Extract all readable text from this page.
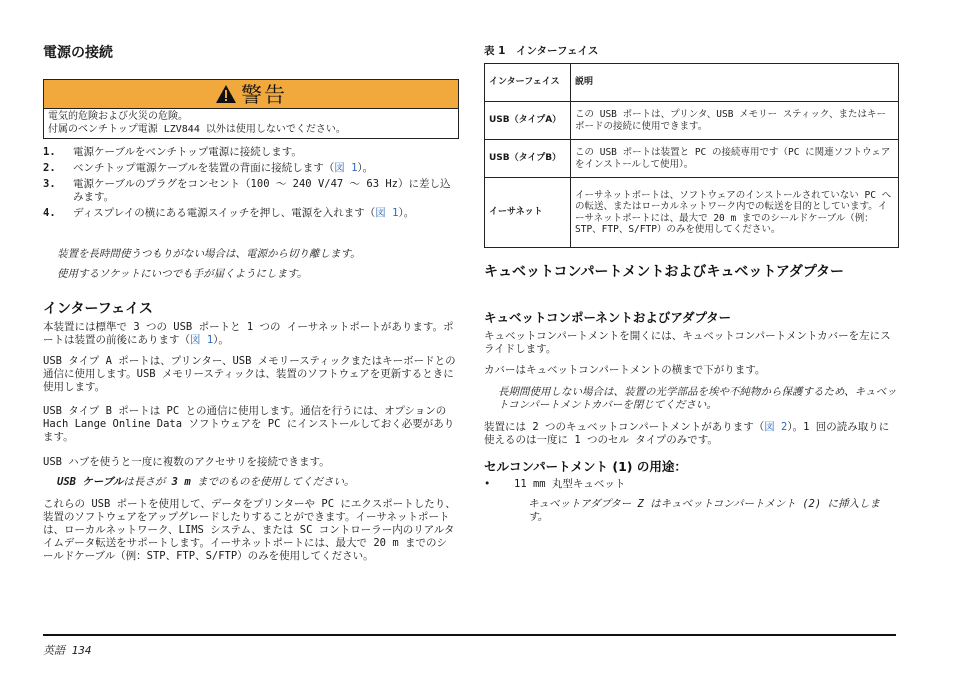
電源の接続
警告
電気的危険および火災の危険。
付属のベンチトップ電源 LZV844 以外は使用しないでください。
1.	電源ケーブルをベンチトップ電源に接続します。
2.	ベンチトップ電源ケーブルを装置の背面に接続します（図 1）。
3.	電源ケーブルのプラグをコンセント（100 ～ 240 V/47 ～ 63 Hz）に差し込みます。
4.	ディスプレイの横にある電源スイッチを押し、電源を入れます（図 1）。

装置を長時間使うつもりがない場合は、電源から切り離します。

使用するソケットにいつでも手が届くようにします。

インターフェイス

本装置には標準で 3 つの USB ポートと 1 つの イーサネットポートがあります。ポートは装置の前後にあります（図 1）。

USB タイプ A ポートは、プリンター、USB メモリースティックまたはキーボードとの通信に使用します。USB メモリースティックは、装置のソフトウェアを更新するときに使用します。

USB タイプ B ポートは PC との通信に使用します。通信を行うには、オプションの Hach Lange Online Data ソフトウェアを PC にインストールしておく必要があります。

USB ハブを使うと一度に複数のアクセサリを接続できます。

USB ケーブルは長さが 3 m までのものを使用してください。

これらの USB ポートを使用して、データをプリンターや PC にエクスポートしたり、装置のソフトウェアをアップグレードしたりすることができます。イーサネットポートは、ローカルネットワーク、LIMS システム、または SC コントローラー内のリアルタイムデータ転送をサポートします。イーサネットポートには、最大で 20 m までのシールドケーブル（例：STP、FTP、S/FTP）のみを使用してください。

表 1　インターフェイス
インターフェイス	説明
USB（タイプA）	この USB ポートは、プリンタ、USB メモリー スティック、またはキーボードの接続に使用できます。
USB（タイプB）	この USB ポートは装置と PC の接続専用です（PC に関連ソフトウェアをインストールして使用）。
イーサネット	イーサネットポートは、ソフトウェアのインストールされていない PC への転送、またはローカルネットワーク内での転送を目的としています。イーサネットポートには、最大で 20 m までのシールドケーブル（例：STP、FTP、S/FTP）のみを使用してください。
キュベットコンパートメントおよびキュベットアダプター
キュベットコンポーネントおよびアダプター

キュベットコンパートメントを開くには、キュベットコンパートメントカバーを左にスライドします。

カバーはキュベットコンパートメントの横まで下がります。

長期間使用しない場合は、装置の光学部品を埃や不純物から保護するため、キュベットコンパートメントカバーを閉じてください。

装置には 2 つのキュベットコンパートメントがあります（図 2）。1 回の読み取りに使えるのは一度に 1 つのセル タイプのみです。

セルコンパートメント (1) の用途：

• 11 mm 丸型キュベット

キュベットアダプター Z はキュベットコンパートメント (2) に挿入します。

英語 134
